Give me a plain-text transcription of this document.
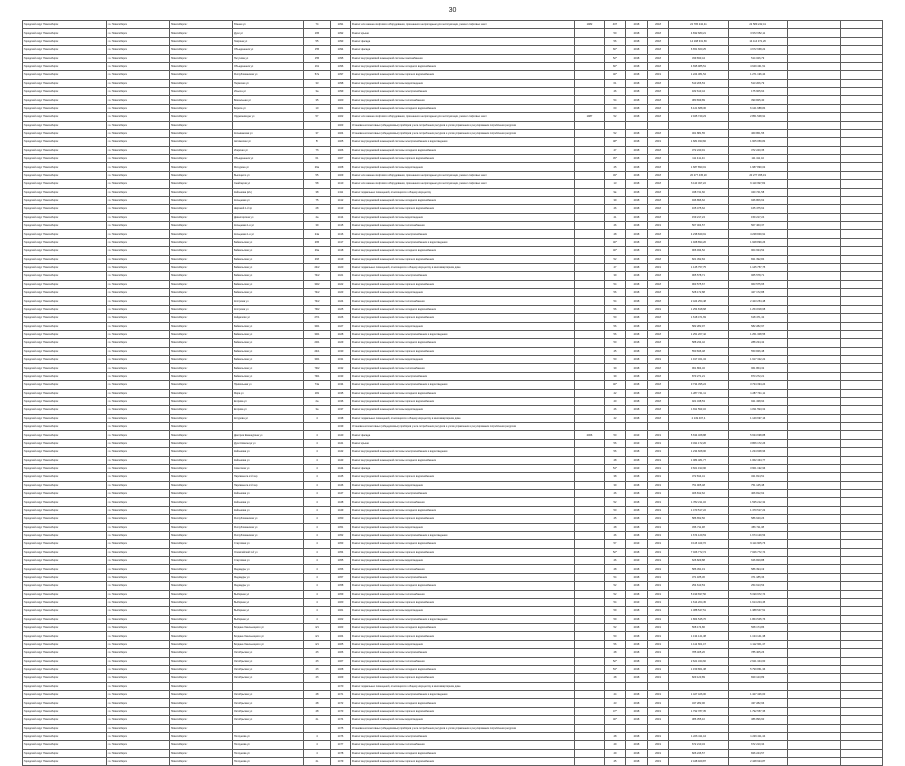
30
Городской округ Новосибирск	г.о. Новосибирск	Новосибирск г	Южная ул	74	1391	Ремонт или замена лифтового оборудования, признанного непригодным для эксплуатации, ремонт лифтовых шахт	1982	407	2018	2018	22 795 242,41	22 589 242,41		
Городской округ Новосибирск	г.о. Новосибирск	Новосибирск г	Дуси ул	165	1392	Ремонт крыши		50	2018	2018	4 832 680,21	3 972 652,11		
Городской округ Новосибирск	г.о. Новосибирск	Новосибирск г	Гмирина ул	55	1393	Ремонт фасада		56	2018	2018	14 198 331,66	14 114 371,26		
Городской округ Новосибирск	г.о. Новосибирск	Новосибирск г	Объединения ул	155	1394	Ремонт фасада		60*	2018	2018	6 651 660,25	4 672 668,22		
Городской округ Новосибирск	г.о. Новосибирск	Новосибирск г	Петухова ул	155	1395	Ремонт внутридомовой инженерной системы газоснабжения		52*	2018	2018	339 833,44	514 026,79		
Городской округ Новосибирск	г.о. Новосибирск	Новосибирск г	Объединения ул	161	1396	Ремонт внутридомовой инженерной системы холодного водоснабжения		60*	2018	2018	4 695 985,51	4 649 431,51		
Городской округ Новосибирск	г.о. Новосибирск	Новосибирск г	Республиканская ул	57а	1397	Ремонт внутридомовой инженерной системы горячего водоснабжения		40*	2018	2019	1 224 381,54	1 271 196,44		
Городской округ Новосибирск	г.о. Новосибирск	Новосибирск г	Пермская ул	33	1398	Ремонт внутридомовой инженерной системы водоотведения		61	2018	2018	513 206,53	513 206,79		
Городской округ Новосибирск	г.о. Новосибирск	Новосибирск г	Ильича ул	3а	1399	Ремонт внутридомовой инженерной системы электроснабжения		46	2018	2018	182 613,44	175 605,64		
Городской округ Новосибирск	г.о. Новосибирск	Новосибирск г	Вокзальная ул	35	1400	Ремонт внутридомовой инженерной системы теплоснабжения		54	2018	2018	380 839,89	390 825,40		
Городской округ Новосибирск	г.о. Новосибирск	Новосибирск г	Бориса ул	10	1401	Ремонт внутридомовой инженерной системы холодного водоснабжения		60	2018	2018	6 121 688,36	6 121 688,84		
Городской округ Новосибирск	г.о. Новосибирск	Новосибирск г	Орджоникидзе ул	57	1402	Ремонт или замена лифтового оборудования, признанного непригодным для эксплуатации, ремонт лифтовых шахт	1987	52	2018	2018	2 945 749,23	2 851 548,91		
Городской округ Новосибирск	г.о. Новосибирск	Новосибирск г			1403	Установка коллективных (общедомовых) приборов учета потребления ресурсов и узлов управления и регулирования потребления ресурсов								
Городской округ Новосибирск	г.о. Новосибирск	Новосибирск г	Колыванская ул	37	1404	Установка коллективных (общедомовых) приборов учета потребления ресурсов и узлов управления и регулирования потребления ресурсов		52	2018	2018	461 881,55	460 861,55		
Городской округ Новосибирск	г.о. Новосибирск	Новосибирск г	Автоматики ул	5!	1405	Ремонт внутридомовой инженерной системы электроснабжения и водоотведения		48*	2018	2019	1 681 933,82	1 605 059,82		
Городской округ Новосибирск	г.о. Новосибирск	Новосибирск г	Игарская ул	7б	1406	Ремонт внутридомовой инженерной системы холодного водоснабжения		47	2018	2018	372 240,91	372 240,35		
Городской округ Новосибирск	г.о. Новосибирск	Новосибирск г	Объединения ул	61	1407	Ремонт внутридомовой инженерной системы горячего водоснабжения		45*	2018	2018	111 411,44	111 411,44		
Городской округ Новосибирск	г.о. Новосибирск	Новосибирск г	Мичурина ул	26а	1408	Ремонт внутридомовой инженерной системы водоотведения		45	2018	2018	1 687 890,01	1 687 890,02		
Городской округ Новосибирск	г.о. Новосибирск	Новосибирск г	Высоцкого ул	55	1409	Ремонт или замена лифтового оборудования, признанного непригодным для эксплуатации, ремонт лифтовых шахт		49*	2018	2018	20 277 435,20	20 277 455,19		
Городской округ Новосибирск	г.о. Новосибирск	Новосибирск г	Снайперов ул	58	1410	Ремонт или замена лифтового оборудования, признанного непригодным для эксплуатации, ремонт лифтовых шахт		13	2018	2018	6 110 497,22	6 110 997,82		
Городской округ Новосибирск	г.о. Новосибирск	Новосибирск г	Кайгыкова (в/ч)	38	1411	Ремонт подвальных помещений, относящихся к общему имуществу		9в	2018	2018	348 741,60	340 741,58		
Городской округ Новосибирск	г.о. Новосибирск	Новосибирск г	Кольцевая ул	75	1412	Ремонт внутридомовой инженерной системы холодного водоснабжения		39	2018	2018	946 896,62	946 806,62		
Городской округ Новосибирск	г.о. Новосибирск	Новосибирск г	Широкий 1-й пр	28	1413	Ремонт внутридомовой инженерной системы горячего водоснабжения		46	2018	2018	165 475,62	165 475,62		
Городской округ Новосибирск	г.о. Новосибирск	Новосибирск г	Дивногорская ул	4а	1414	Ремонт внутридомовой инженерной системы водоотведения		41	2018	2018	159 217,24	159 217,24		
Городской округ Новосибирск	г.о. Новосибирск	Новосибирск г	Кольцевая 1-я ул	39	1415	Ремонт внутридомовой инженерной системы теплоснабжения		46	2018	2019	507 464,57	507 463,37		
Городской округ Новосибирск	г.о. Новосибирск	Новосибирск г	Кольцевая 1-я ул	24а	1416	Ремонт внутридомовой инженерной системы электроснабжения		48	2018	2018	4 238 849,91	4 238 849,91		
Городской округ Новосибирск	г.о. Новосибирск	Новосибирск г	Байкальская ул	265	1417	Ремонт внутридомовой инженерной системы электроснабжения и водоотведения		40*	2018	2018	1 928 894,26	1 928 899,26		
Городской округ Новосибирск	г.о. Новосибирск	Новосибирск г	Байкальская ул	26а	1418	Ремонт внутридомовой инженерной системы холодного водоснабжения		40*	2018	2019	906 934,52	904 934,52		
Городской округ Новосибирск	г.о. Новосибирск	Новосибирск г	Байкальская ул	26б	1419	Ремонт внутридомовой инженерной системы горячего водоснабжения		52	2018	2018	821 392,84	821 392,84		
Городской округ Новосибирск	г.о. Новосибирск	Новосибирск г	Байкальская ул	24/2	1420	Ремонт подвальных помещений, относящихся к общему имуществу в многоквартирном доме		47	2018	2019	1 145 757,75	1 145 757,75		
Городской округ Новосибирск	г.о. Новосибирск	Новосибирск г	Байкальская ул	74/2	1421	Ремонт внутридомовой инженерной системы электроснабжения		39	2018	2018	965 578,71	965 578,71		
Городской округ Новосибирск	г.о. Новосибирск	Новосибирск г	Байкальская ул	30/2	1422	Ремонт внутридомовой инженерной системы горячего водоснабжения		54	2018	2018	963 575,67	963 575,65		
Городской округ Новосибирск	г.о. Новосибирск	Новосибирск г	Байкальская ул	74/2	1423	Ремонт внутридомовой инженерной системы водоотведения		56	2018	2018	528 172,88	427 172,88		
Городской округ Новосибирск	г.о. Новосибирск	Новосибирск г	Кострома ул	74/2	1424	Ремонт внутридомовой инженерной системы теплоснабжения		54	2018	2018	2 424 254,48	2 423 254,48		
Городской округ Новосибирск	г.о. Новосибирск	Новосибирск г	Кострома ул	79/2	1425	Ремонт внутридомовой инженерной системы холодного водоснабжения		56	2018	2019	1 254 818,68	1 254 818,68		
Городской округ Новосибирск	г.о. Новосибирск	Новосибирск г	Кайдалово ул	27/1	1426	Ремонт внутридомовой инженерной системы горячего водоснабжения		50	2018	2018	1 618 471,69	618 471,42		
Городской округ Новосибирск	г.о. Новосибирск	Новосибирск г	Байкальская ул	30/1	1427	Ремонт внутридомовой инженерной системы водоотведения		56	2018	2018	582 282,97	582 282,97		
Городской округ Новосибирск	г.о. Новосибирск	Новосибирск г	Байкальская ул	30/1	1428	Ремонт внутридомовой инженерной системы электроснабжения и водоотведения		56	2018	2018	1 251 207,42	1 251 308,55		
Городской округ Новосибирск	г.о. Новосибирск	Новосибирск г	Байкальская ул	20/1	1429	Ремонт внутридомовой инженерной системы холодного водоснабжения		50	2018	2018	588 234,42	288 234,42		
Городской округ Новосибирск	г.о. Новосибирск	Новосибирск г	Байкальская ул	24/1	1430	Ремонт внутридомовой инженерной системы горячего водоснабжения		45	2018	2018	550 846,48	550 846,48		
Городской округ Новосибирск	г.о. Новосибирск	Новосибирск г	Байкальская ул	30/1	1431	Ремонт внутридомовой инженерной системы водоотведения		50	2018	2019	1 917 321,34	1 917 322,22		
Городской округ Новосибирск	г.о. Новосибирск	Новосибирск г	Байкальская ул	79/2	1432	Ремонт внутридомовой инженерной системы теплоснабжения		39	2018	2018	961 864,32	961 864,32		
Городской округ Новосибирск	г.о. Новосибирск	Новосибирск г	Байкальская ул	79/1	1433	Ремонт внутридомовой инженерной системы электроснабжения		39	2018	2018	873 271,21	873 272,21		
Городской округ Новосибирск	г.о. Новосибирск	Новосибирск г	Привольная ул	73а	1434	Ремонт внутридомовой инженерной системы электроснабжения и водоотведения		40*	2018	2018	3 734 395,24	3 734 394,24		
Городской округ Новосибирск	г.о. Новосибирск	Новосибирск г	Мира ул	181	1435	Ремонт внутридомовой инженерной системы холодного водоснабжения		42	2018	2018	1 287 741,11	1 287 741,11		
Городской округ Новосибирск	г.о. Новосибирск	Новосибирск г	Егорова ул	2а	1436	Ремонт внутридомовой инженерной системы горячего водоснабжения		40	2018	2018	921 438,53	921 438,94		
Городской округ Новосибирск	г.о. Новосибирск	Новосибирск г	Егорова ул	3а	1437	Ремонт внутридомовой инженерной системы водоотведения		46	2018	2018	1 811 593,32	1 811 593,32		
Городской округ Новосибирск	г.о. Новосибирск	Новосибирск г	Котурова ул	4	1438	Ремонт подвальных помещений, относящихся к общему имуществу в многоквартирном доме		42	2018	2018	2 149 407,4	1 149 697,16		
Городской округ Новосибирск	г.о. Новосибирск	Новосибирск г			1439	Установка коллективных (общедомовых) приборов учета потребления ресурсов и узлов управления и регулирования потребления ресурсов								
Городской округ Новосибирск	г.о. Новосибирск	Новосибирск г	Дмитрия Шамшурина ул	4	1440	Ремонт фасада	2006	50	2019	2019	5 634 468,88	5 634 698,88		
Городской округ Новосибирск	г.о. Новосибирск	Новосибирск г	Дуси Ковальчук ул	4	1441	Ремонт крыши		56	2019	2019	3 491 172,26	3 866 172,26		
Городской округ Новосибирск	г.о. Новосибирск	Новосибирск г	Кайгыкова ул	4	1442	Ремонт внутридомовой инженерной системы электроснабжения и водоотведения		56	2018	2019	1 234 608,96	1 234 608,96		
Городской округ Новосибирск	г.о. Новосибирск	Новосибирск г	Кайгыкова ул	4	1443	Ремонт внутридомовой инженерной системы холодного водоснабжения		48	2018	2019	1 084 481,77	1 062 434,77		
Городской округ Новосибирск	г.о. Новосибирск	Новосибирск г	Советская ул	4	1444	Ремонт фасада		54*	2019	2019	3 601 193,96	3 601 192,96		
Городской округ Новосибирск	г.о. Новосибирск	Новосибирск г	Парламента 2-й пер	4	1445	Ремонт внутридомовой инженерной системы горячего водоснабжения		38	2018	2019	372 814,41	321 814,51		
Городской округ Новосибирск	г.о. Новосибирск	Новосибирск г	Парламента 2-й пер	4	1446	Ремонт внутридомовой инженерной системы водоотведения		39	2018	2019	751 905,48	751 145,48		
Городской округ Новосибирск	г.о. Новосибирск	Новосибирск г	Кайгыкова ул	4	1447	Ремонт внутридомовой инженерной системы электроснабжения		46	2018	2019	406 812,62	406 812,62		
Городской округ Новосибирск	г.о. Новосибирск	Новосибирск г	Кайгыкова ул	4	1448	Ремонт внутридомовой инженерной системы теплоснабжения		52	2018	2019	1 782 211,32	1 535 212,32		
Городской округ Новосибирск	г.о. Новосибирск	Новосибирск г	Кайгыкова ул	4	1449	Ремонт внутридомовой инженерной системы холодного водоснабжения		50	2018	2019	1 470 517,22	1 470 517,22		
Городской округ Новосибирск	г.о. Новосибирск	Новосибирск г	Республиканская ул	4	1450	Ремонт внутридомовой инженерной системы горячего водоснабжения		45	2018	2019	586 652,56	586 640,26		
Городской округ Новосибирск	г.о. Новосибирск	Новосибирск г	Республиканская ул	4	1451	Ремонт внутридомовой инженерной системы водоотведения		48	2018	2019	456 711,38	456 711,38		
Городской округ Новосибирск	г.о. Новосибирск	Новосибирск г	Республиканская ул	4	1452	Ремонт внутридомовой инженерной системы электроснабжения и водоотведения		46	2018	2019	1 674 129,53	1 674 129,53		
Городской округ Новосибирск	г.о. Новосибирск	Новосибирск г	Стартовая ул	4	1453	Ремонт внутридомовой инженерной системы холодного водоснабжения		57	2019	2019	9 115 443,76	9 114 605,76		
Городской округ Новосибирск	г.о. Новосибирск	Новосибирск г	Олимпийский 1-й ул	4	1454	Ремонт внутридомовой инженерной системы горячего водоснабжения		52*	2018	2019	7 026 772,74	7 026 772,74		
Городской округ Новосибирск	г.о. Новосибирск	Новосибирск г	Стартовая ул	4	1455	Ремонт внутридомовой инженерной системы водоотведения		46	2019	2019	626 829,88	626 829,88		
Городской округ Новосибирск	г.о. Новосибирск	Новосибирск г	Медкадры ул	4	1456	Ремонт внутридомовой инженерной системы теплоснабжения		48	2018	2019	586 391,19	586 394,19		
Городской округ Новосибирск	г.о. Новосибирск	Новосибирск г	Медкадры ул	4	1457	Ремонт внутридомовой инженерной системы электроснабжения		54	2018	2019	371 185,36	371 185,36		
Городской округ Новосибирск	г.о. Новосибирск	Новосибирск г	Медкадры ул	4	1458	Ремонт внутридомовой инженерной системы холодного водоснабжения		52	2018	2019	254 613,53	254 613,53		
Городской округ Новосибирск	г.о. Новосибирск	Новосибирск г	Выборная ул	4	1459	Ремонт внутридомовой инженерной системы теплоснабжения		52	2018	2019	5 199 697,56	5 199 972,74		
Городской округ Новосибирск	г.о. Новосибирск	Новосибирск г	Выборная ул	4	1460	Ремонт внутридомовой инженерной системы горячего водоснабжения		54	2019	2019	1 614 204,45	1 614 204,45		
Городской округ Новосибирск	г.о. Новосибирск	Новосибирск г	Выборная ул	4	1461	Ремонт внутридомовой инженерной системы водоотведения		59	2018	2019	1 388 547,51	1 388 547,51		
Городской округ Новосибирск	г.о. Новосибирск	Новосибирск г	Выборная ул	4	1462	Ремонт внутридомовой инженерной системы электроснабжения и водоотведения		59	2018	2019	1 864 545,76	1 864 545,76		
Городской округ Новосибирск	г.о. Новосибирск	Новосибирск г	Богдана Хмельницкого ул	4/1	1463	Ремонт внутридомовой инженерной системы холодного водоснабжения		52	2018	2019	568 174,86	568 174,86		
Городской округ Новосибирск	г.о. Новосибирск	Новосибирск г	Богдана Хмельницкого ул	4/1	1464	Ремонт внутридомовой инженерной системы горячего водоснабжения		50	2018	2019	1 134 141,38	1 134 141,38		
Городской округ Новосибирск	г.о. Новосибирск	Новосибирск г	Богдана Хмельницкого ул	4/1	1465	Ремонт внутридомовой инженерной системы водоотведения		56	2018	2019	1 112 661,47	1 112 661,47		
Городской округ Новосибирск	г.о. Новосибирск	Новосибирск г	Октябрьская ул	4б	1466	Ремонт внутридомовой инженерной системы электроснабжения		48	2018	2019	785 405,26	785 405,26		
Городской округ Новосибирск	г.о. Новосибирск	Новосибирск г	Октябрьская ул	4б	1467	Ремонт внутридомовой инженерной системы теплоснабжения		52*	2018	2019	2 621 344,60	2 621 344,60		
Городской округ Новосибирск	г.о. Новосибирск	Новосибирск г	Октябрьская ул	4б	1468	Ремонт внутридомовой инженерной системы холодного водоснабжения		53*	2018	2019	1 159 861,38	5 799 861,36		
Городской округ Новосибирск	г.о. Новосибирск	Новосибирск г	Октябрьская ул	4б	1469	Ремонт внутридомовой инженерной системы горячего водоснабжения		48	2018	2019	829 123,89	829 123,89		
Городской округ Новосибирск	г.о. Новосибирск	Новосибирск г			1470	Ремонт подвальных помещений, относящихся к общему имуществу в многоквартирном доме								
Городской округ Новосибирск	г.о. Новосибирск	Новосибирск г	Октябрьская ул	48	1471	Ремонт внутридомовой инженерной системы электроснабжения и водоотведения		44	2018	2019	1 427 426,00	1 427 426,00		
Городской округ Новосибирск	г.о. Новосибирск	Новосибирск г	Октябрьская ул	48	1472	Ремонт внутридомовой инженерной системы холодного водоснабжения		43	2018	2019	437 282,96	437 282,96		
Городской округ Новосибирск	г.о. Новосибирск	Новосибирск г	Октябрьская ул	48	1473	Ремонт внутридомовой инженерной системы горячего водоснабжения		47*	2018	2019	1 792 787,35	1 792 557,35		
Городской округ Новосибирск	г.о. Новосибирск	Новосибирск г	Октябрьская ул	4L	1474	Ремонт внутридомовой инженерной системы водоотведения		40*	2018	2019	386 355,10	386 896,60		
Городской округ Новосибирск	г.о. Новосибирск	Новосибирск г			1475	Установка коллективных (общедомовых) приборов учета потребления ресурсов и узлов управления и регулирования потребления ресурсов								
Городской округ Новосибирск	г.о. Новосибирск	Новосибирск г	Ползунова ул	4	1476	Ремонт внутридомовой инженерной системы электроснабжения		48	2018	2019	1 226 411,44	1 226 411,44		
Городской округ Новосибирск	г.о. Новосибирск	Новосибирск г	Ползунова ул	4	1477	Ремонт внутридомовой инженерной системы теплоснабжения		49	2018	2019	672 210,34	672 210,34		
Городской округ Новосибирск	г.о. Новосибирск	Новосибирск г	Ползунова ул	4	1478	Ремонт внутридомовой инженерной системы холодного водоснабжения		49	2018	2019	826 246,57	826 244,57		
Городской округ Новосибирск	г.о. Новосибирск	Новосибирск г	Ползунова ул	4L	1479	Ремонт внутридомовой инженерной системы горячего водоснабжения		45	2018	2019	2 448 929,87	2 448 924,87		
